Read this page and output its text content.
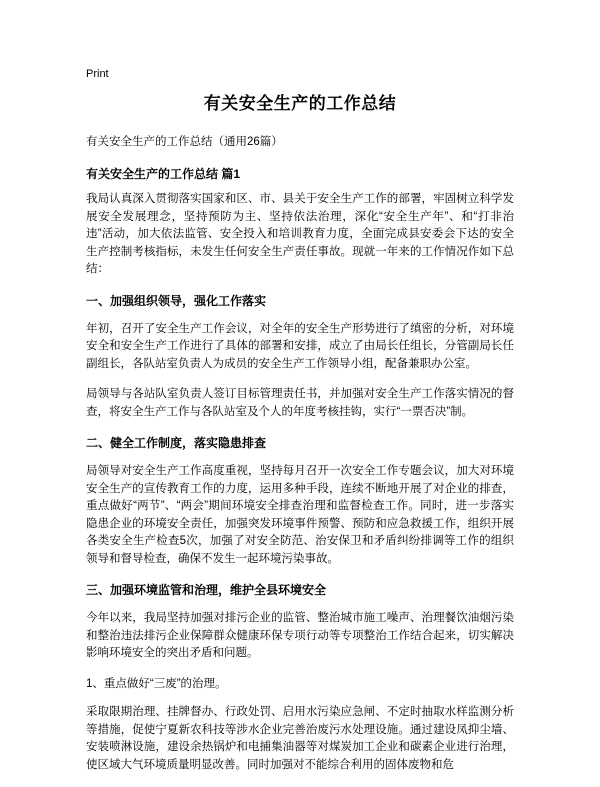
Print
有关安全生产的工作总结

有关安全生产的工作总结（通用26篇）

有关安全生产的工作总结 篇1

我局认真深入贯彻落实国家和区、市、县关于安全生产工作的部署，牢固树立科学发展安全发展理念，坚持预防为主、坚持依法治理，深化“安全生产年”、和“打非治违”活动，加大依法监管、安全投入和培训教育力度，全面完成县安委会下达的安全生产控制考核指标，未发生任何安全生产责任事故。现就一年来的工作情况作如下总结：

一、加强组织领导，强化工作落实

年初，召开了安全生产工作会议，对全年的安全生产形势进行了缜密的分析，对环境安全和安全生产工作进行了具体的部署和安排，成立了由局长任组长，分管副局长任副组长，各队站室负责人为成员的安全生产工作领导小组，配备兼职办公室。

局领导与各站队室负责人签订目标管理责任书，并加强对安全生产工作落实情况的督查，将安全生产工作与各队站室及个人的年度考核挂钩，实行“一票否决”制。

二、健全工作制度，落实隐患排查

局领导对安全生产工作高度重视，坚持每月召开一次安全工作专题会议，加大对环境安全生产的宣传教育工作的力度，运用多种手段，连续不断地开展了对企业的排查，重点做好“两节”、“两会”期间环境安全排查治理和监督检查工作。同时，进一步落实隐患企业的环境安全责任，加强突发环境事件预警、预防和应急救援工作，组织开展各类安全生产检查5次，加强了对安全防范、治安保卫和矛盾纠纷排调等工作的组织领导和督导检查，确保不发生一起环境污染事故。

三、加强环境监管和治理，维护全县环境安全

今年以来，我局坚持加强对排污企业的监管、整治城市施工噪声、治理餐饮油烟污染和整治违法排污企业保障群众健康环保专项行动等专项整治工作结合起来，切实解决影响环境安全的突出矛盾和问题。

1、重点做好“三废”的治理。

采取限期治理、挂牌督办、行政处罚、启用水污染应急闸、不定时抽取水样监测分析等措施，促使宁夏新农科技等涉水企业完善治废污水处理设施。通过建设凤抑尘墙、安装喷淋设施，建设余热锅炉和电捕集油器等对煤炭加工企业和碳素企业进行治理，使区域大气环境质量明显改善。同时加强对不能综合利用的固体废物和危
